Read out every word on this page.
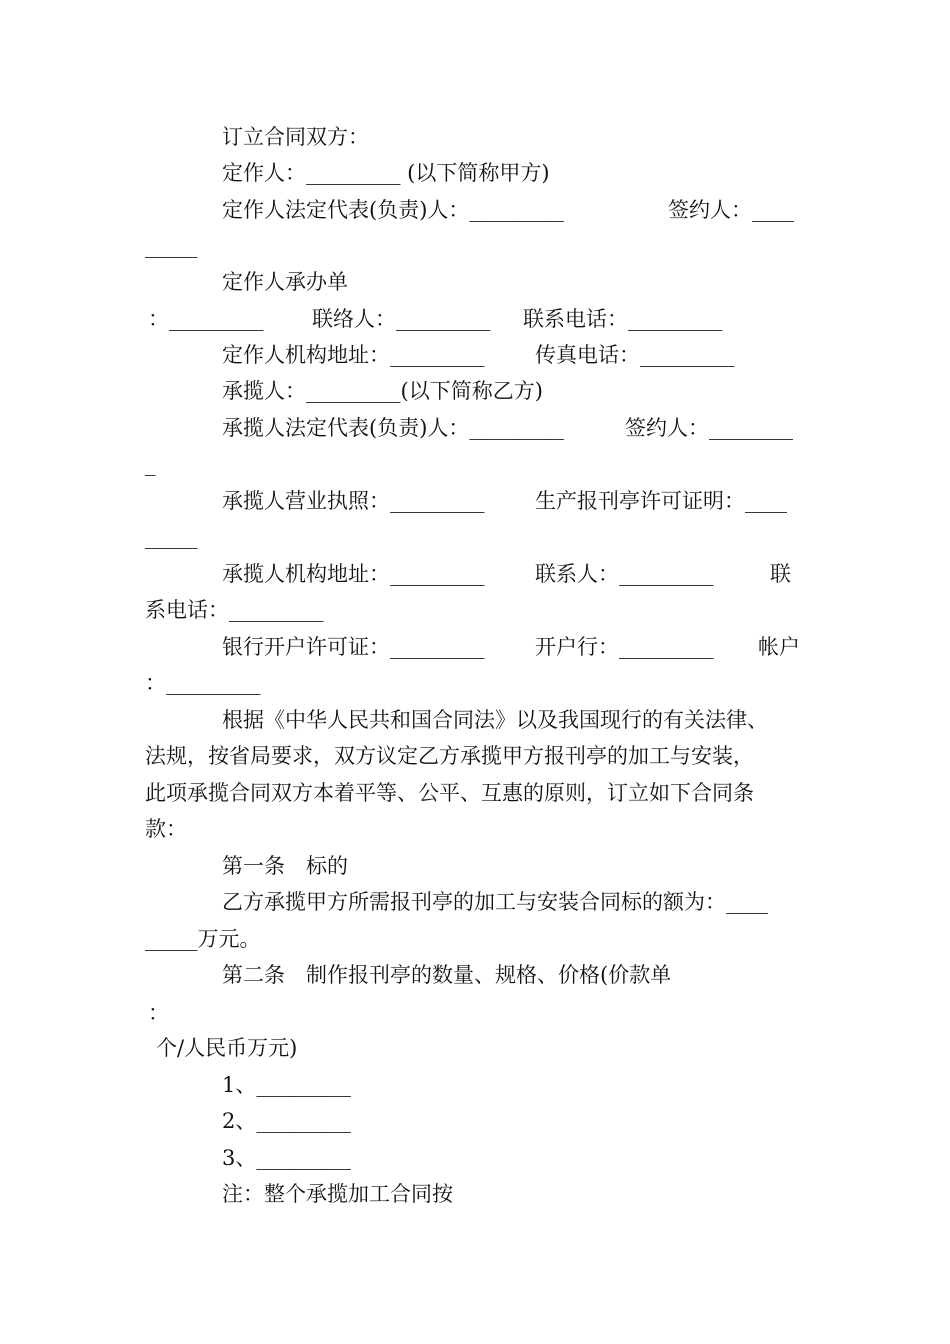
订立合同双方：
定作人：_________ (以下简称甲方)
定作人法定代表(负责)人：_________	签约人：____
_____
定作人承办单
：_________ 联络人：_________ 联系电话：_________
定作人机构地址：_________ 传真电话：_________
承揽人：_________(以下简称乙方)
承揽人法定代表(负责)人：_________	签约人：________
_
承揽人营业执照：_________ 生产报刊亭许可证明：____
_____
承揽人机构地址：_________ 联系人：_________	联
系电话：_________
银行开户许可证：_________ 开户行：_________ 帐户
：_________
根据《中华人民共和国合同法》以及我国现行的有关法律、
法规，按省局要求，双方议定乙方承揽甲方报刊亭的加工与安装，
此项承揽合同双方本着平等、公平、互惠的原则，订立如下合同条
款：
第一条　标的
乙方承揽甲方所需报刊亭的加工与安装合同标的额为：____
_____万元。
第二条　制作报刊亭的数量、规格、价格(价款单
：
个/人民币万元)
1、_________
2、_________
3、_________
注：整个承揽加工合同按
